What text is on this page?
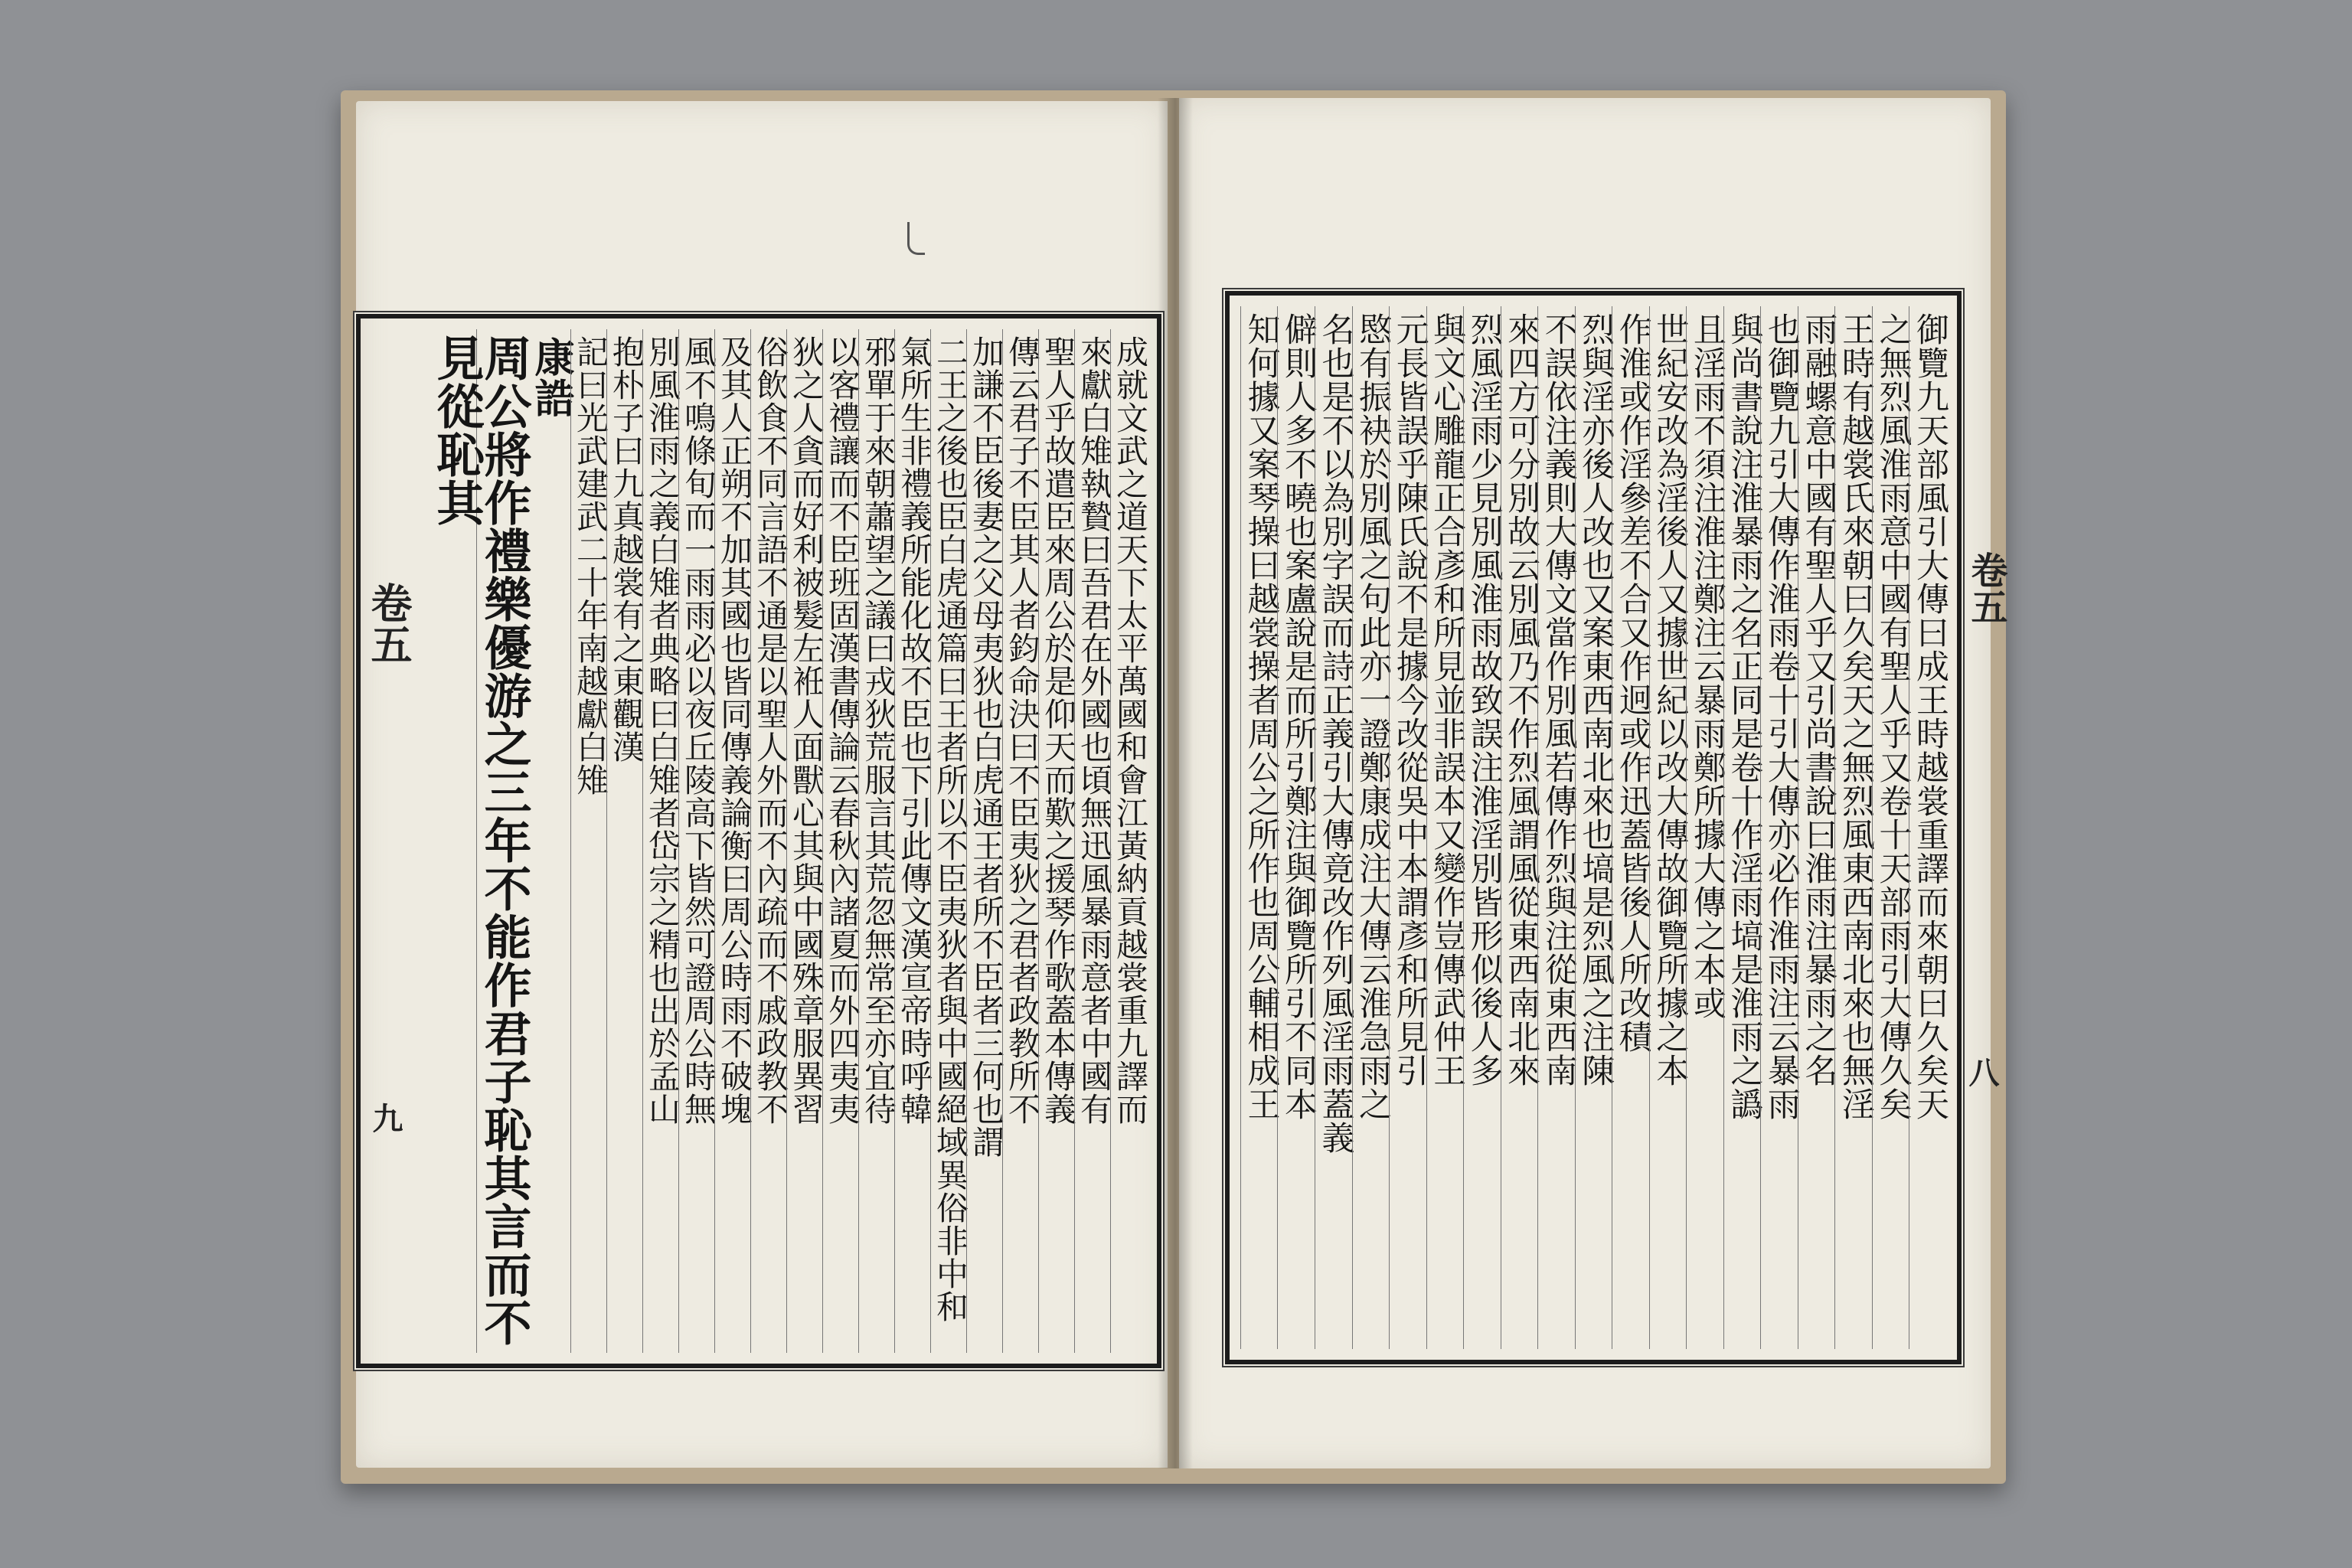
成就文武之道天下太平萬國和會江黃納貢越裳重九譯而
來獻白雉執贄曰吾君在外國也頃無迅風暴雨意者中國有
聖人乎故遣臣來周公於是仰天而歎之援琴作歌蓋本傳義
傳云君子不臣其人者鈞命決曰不臣夷狄之君者政教所不
加謙不臣後妻之父母夷狄也白虎通王者所不臣者三何也謂
二王之後也臣白虎通篇曰王者所以不臣夷狄者與中國絕域異俗非中和
氣所生非禮義所能化故不臣也下引此傳文漢宣帝時呼韓
邪單于來朝蕭望之議曰戎狄荒服言其荒忽無常至亦宜待
以客禮讓而不臣班固漢書傳論云春秋內諸夏而外四夷夷
狄之人貪而好利被髮左袵人面獸心其與中國殊章服異習
俗飲食不同言語不通是以聖人外而不內疏而不戚政教不
及其人正朔不加其國也皆同傳義論衡曰周公時雨不破塊
風不鳴條旬而一雨雨必以夜丘陵高下皆然可證周公時無
別風淮雨之義白雉者典略曰白雉者岱宗之精也出於孟山
抱朴子曰九真越裳有之東觀漢
記曰光武建武二十年南越獻白雉
康誥
周公將作禮樂優游之三年不能作君子恥其言而不見從恥其	御覽九天部風引大傳曰成王時越裳重譯而來朝曰久矣天
之無烈風淮雨意中國有聖人乎又卷十天部雨引大傳久矣
王時有越裳氏來朝曰久矣天之無烈風東西南北來也無淫
雨融螺意中國有聖人乎又引尚書說曰淮雨注暴雨之名
也御覽九引大傳作淮雨卷十引大傳亦必作淮雨注云暴雨
與尚書說注淮暴雨之名正同是卷十作淫雨塙是淮雨之譌
且淫雨不須注淮注鄭注云暴雨鄭所據大傳之本或
世紀安改為淫後人又據世紀以改大傳故御覽所據之本
作淮或作淫參差不合又作迥或作迅蓋皆後人所改積
烈與淫亦後人改也又案東西南北來也塙是烈風之注陳
不誤依注義則大傳文當作別風若傳作烈與注從東西南
來四方可分別故云別風乃不作烈風謂風從東西南北來
烈風淫雨少見別風淮雨故致誤注淮淫別皆形似後人多
與文心雕龍正合彥和所見並非誤本又變作豈傳武仲王
元長皆誤乎陳氏說不是據今改從吳中本謂彥和所見引
愍有振袂於別風之句此亦一證鄭康成注大傳云淮急雨之
名也是不以為別字誤而詩正義引大傳竟改作列風淫雨蓋義
僻則人多不曉也案盧說是而所引鄭注與御覽所引不同本
知何據又案琴操曰越裳操者周公之所作也周公輔相成王
卷五
九
卷五
八
